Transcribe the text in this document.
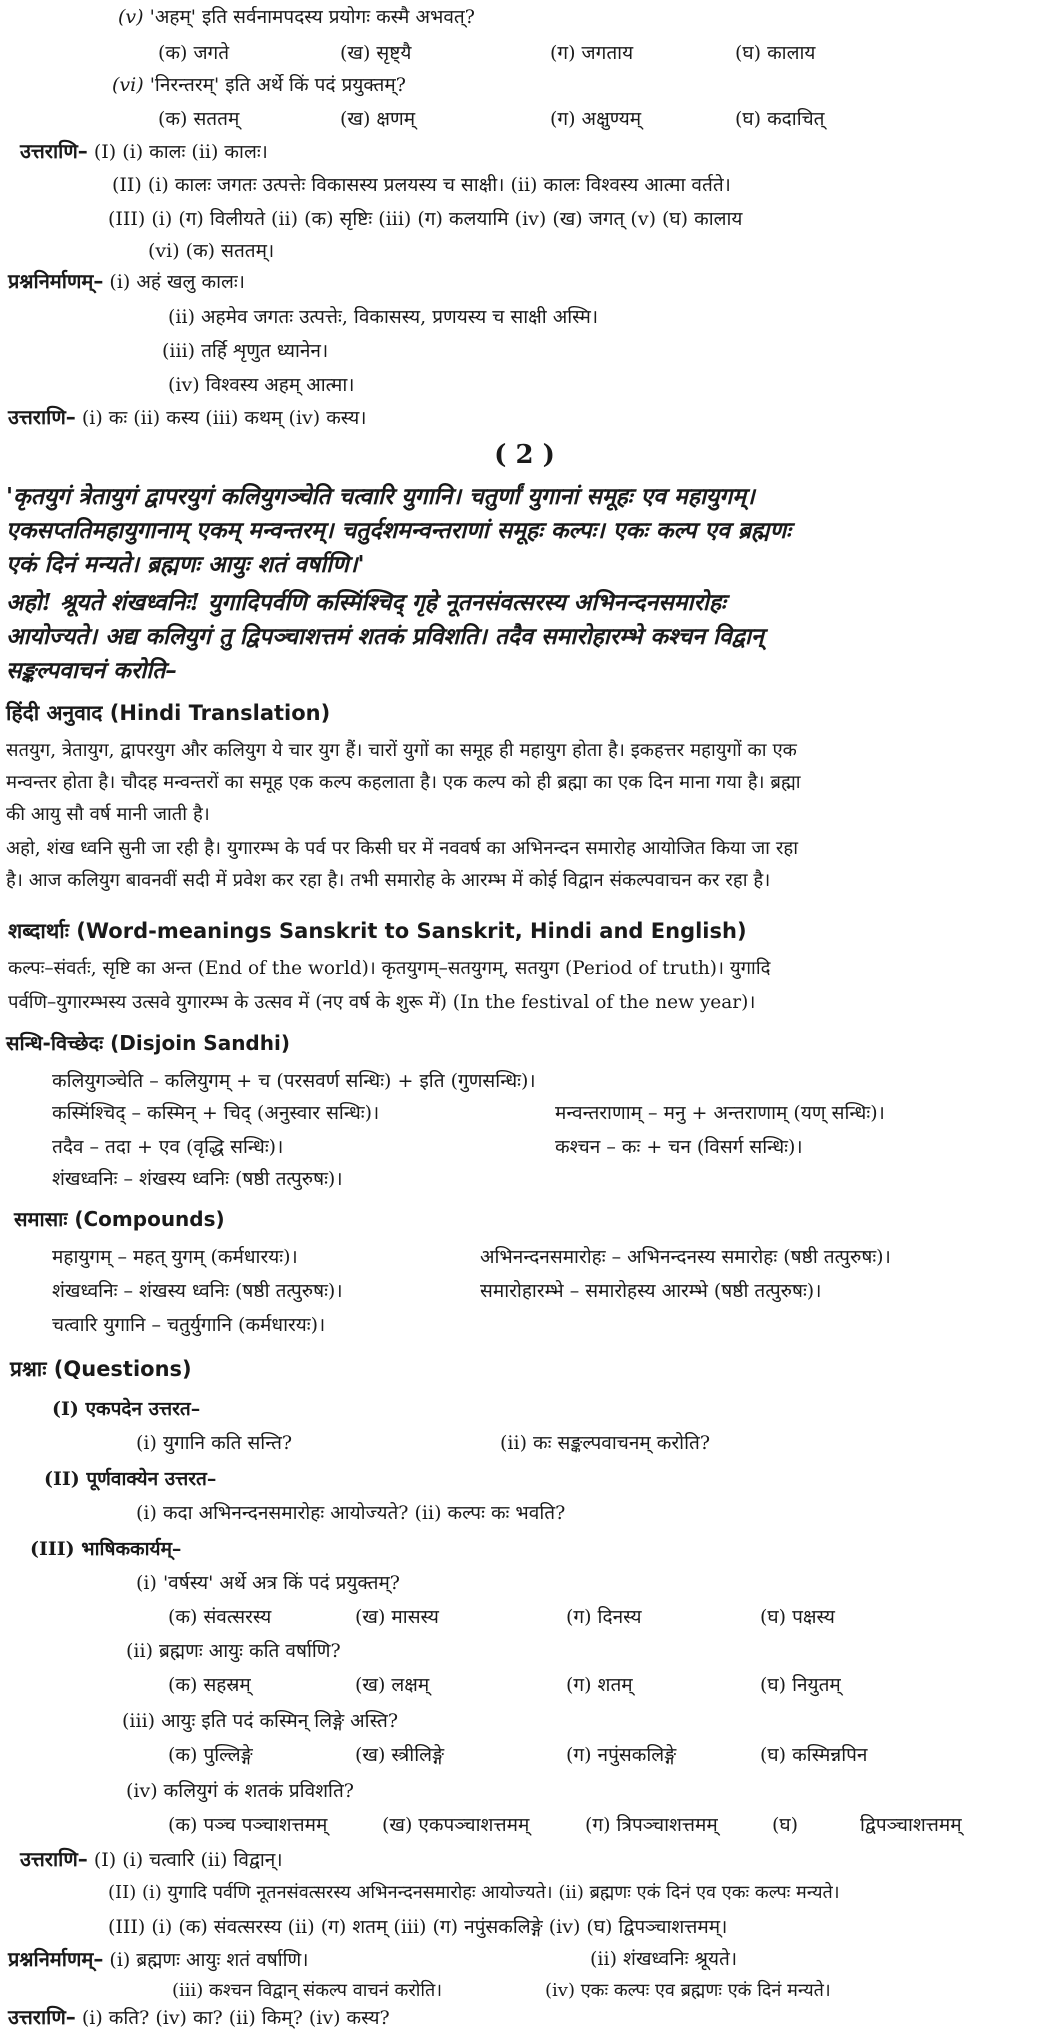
(v) 'अहम्' इति सर्वनामपदस्य प्रयोगः कस्मै अभवत्?
(क) जगते	(ख) सृष्ट्यै	(ग) जगताय	(घ) कालाय
(vi) 'निरन्तरम्' इति अर्थे किं पदं प्रयुक्तम्?
(क) सततम्	(ख) क्षणम्	(ग) अक्षुण्यम्	(घ) कदाचित्
उत्तराणि– (I) (i) कालः (ii) कालः।
(II) (i) कालः जगतः उत्पत्तेः विकासस्य प्रलयस्य च साक्षी। (ii) कालः विश्वस्य आत्मा वर्तते।
(III) (i) (ग) विलीयते (ii) (क) सृष्टिः (iii) (ग) कलयामि (iv) (ख) जगत् (v) (घ) कालाय
(vi) (क) सततम्।
प्रश्ननिर्माणम्– (i) अहं खलु कालः।
(ii) अहमेव जगतः उत्पत्तेः, विकासस्य, प्रणयस्य च साक्षी अस्मि।
(iii) तर्हि शृणुत ध्यानेन।
(iv) विश्वस्य अहम् आत्मा।
उत्तराणि– (i) कः (ii) कस्य (iii) कथम् (iv) कस्य।
( 2 )
'कृतयुगं त्रेतायुगं द्वापरयुगं कलियुगञ्चेति चत्वारि युगानि। चतुर्णां युगानां समूहः एव महायुगम्।
एकसप्ततिमहायुगानाम् एकम् मन्वन्तरम्। चतुर्दशमन्वन्तराणां समूहः कल्पः। एकः कल्प एव ब्रह्मणः
एकं दिनं मन्यते। ब्रह्मणः आयुः शतं वर्षाणि।'
अहो! श्रूयते शंखध्वनिः! युगादिपर्वणि कस्मिंश्चिद् गृहे नूतनसंवत्सरस्य अभिनन्दनसमारोहः
आयोज्यते। अद्य कलियुगं तु द्विपञ्चाशत्तमं शतकं प्रविशति। तदैव समारोहारम्भे कश्चन विद्वान्
सङ्कल्पवाचनं करोति–
हिंदी अनुवाद (Hindi Translation)
सतयुग, त्रेतायुग, द्वापरयुग और कलियुग ये चार युग हैं। चारों युगों का समूह ही महायुग होता है। इकहत्तर महायुगों का एक
मन्वन्तर होता है। चौदह मन्वन्तरों का समूह एक कल्प कहलाता है। एक कल्प को ही ब्रह्मा का एक दिन माना गया है। ब्रह्मा
की आयु सौ वर्ष मानी जाती है।
अहो, शंख ध्वनि सुनी जा रही है। युगारम्भ के पर्व पर किसी घर में नववर्ष का अभिनन्दन समारोह आयोजित किया जा रहा
है। आज कलियुग बावनवीं सदी में प्रवेश कर रहा है। तभी समारोह के आरम्भ में कोई विद्वान संकल्पवाचन कर रहा है।
शब्दार्थाः (Word-meanings Sanskrit to Sanskrit, Hindi and English)
कल्पः–संवर्तः, सृष्टि का अन्त (End of the world)। कृतयुगम्–सतयुगम्, सतयुग (Period of truth)। युगादि
पर्वणि–युगारम्भस्य उत्सवे युगारम्भ के उत्सव में (नए वर्ष के शुरू में) (In the festival of the new year)।
सन्धि-विच्छेदः (Disjoin Sandhi)
कलियुगञ्चेति – कलियुगम् + च (परसवर्ण सन्धिः) + इति (गुणसन्धिः)।
कस्मिंश्चिद् – कस्मिन् + चिद् (अनुस्वार सन्धिः)।	मन्वन्तराणाम् – मनु + अन्तराणाम् (यण् सन्धिः)।
तदैव – तदा + एव (वृद्धि सन्धिः)।	कश्चन – कः + चन (विसर्ग सन्धिः)।
शंखध्वनिः – शंखस्य ध्वनिः (षष्ठी तत्पुरुषः)।
समासाः (Compounds)
महायुगम् – महत् युगम् (कर्मधारयः)।	अभिनन्दनसमारोहः – अभिनन्दनस्य समारोहः (षष्ठी तत्पुरुषः)।
शंखध्वनिः – शंखस्य ध्वनिः (षष्ठी तत्पुरुषः)।	समारोहारम्भे – समारोहस्य आरम्भे (षष्ठी तत्पुरुषः)।
चत्वारि युगानि – चतुर्युगानि (कर्मधारयः)।
प्रश्नाः (Questions)
(I) एकपदेन उत्तरत–
(i) युगानि कति सन्ति?	(ii) कः सङ्कल्पवाचनम् करोति?
(II) पूर्णवाक्येन उत्तरत–
(i) कदा अभिनन्दनसमारोहः आयोज्यते? (ii) कल्पः कः भवति?
(III) भाषिककार्यम्–
(i) 'वर्षस्य' अर्थे अत्र किं पदं प्रयुक्तम्?
(क) संवत्सरस्य	(ख) मासस्य	(ग) दिनस्य	(घ) पक्षस्य
(ii) ब्रह्मणः आयुः कति वर्षाणि?
(क) सहस्रम्	(ख) लक्षम्	(ग) शतम्	(घ) नियुतम्
(iii) आयुः इति पदं कस्मिन् लिङ्गे अस्ति?
(क) पुल्लिङ्गे	(ख) स्त्रीलिङ्गे	(ग) नपुंसकलिङ्गे	(घ) कस्मिन्नपिन
(iv) कलियुगं कं शतकं प्रविशति?
(क) पञ्च पञ्चाशत्तमम्	(ख) एकपञ्चाशत्तमम्	(ग) त्रिपञ्चाशत्तमम्	(घ)	द्विपञ्चाशत्तमम्
उत्तराणि– (I) (i) चत्वारि (ii) विद्वान्।
(II) (i) युगादि पर्वणि नूतनसंवत्सरस्य अभिनन्दनसमारोहः आयोज्यते। (ii) ब्रह्मणः एकं दिनं एव एकः कल्पः मन्यते।
(III) (i) (क) संवत्सरस्य (ii) (ग) शतम् (iii) (ग) नपुंसकलिङ्गे (iv) (घ) द्विपञ्चाशत्तमम्।
प्रश्ननिर्माणम्– (i) ब्रह्मणः आयुः शतं वर्षाणि।	(ii) शंखध्वनिः श्रूयते।
(iii) कश्चन विद्वान् संकल्प वाचनं करोति।	(iv) एकः कल्पः एव ब्रह्मणः एकं दिनं मन्यते।
उत्तराणि– (i) कति? (iv) का? (ii) किम्? (iv) कस्य?
